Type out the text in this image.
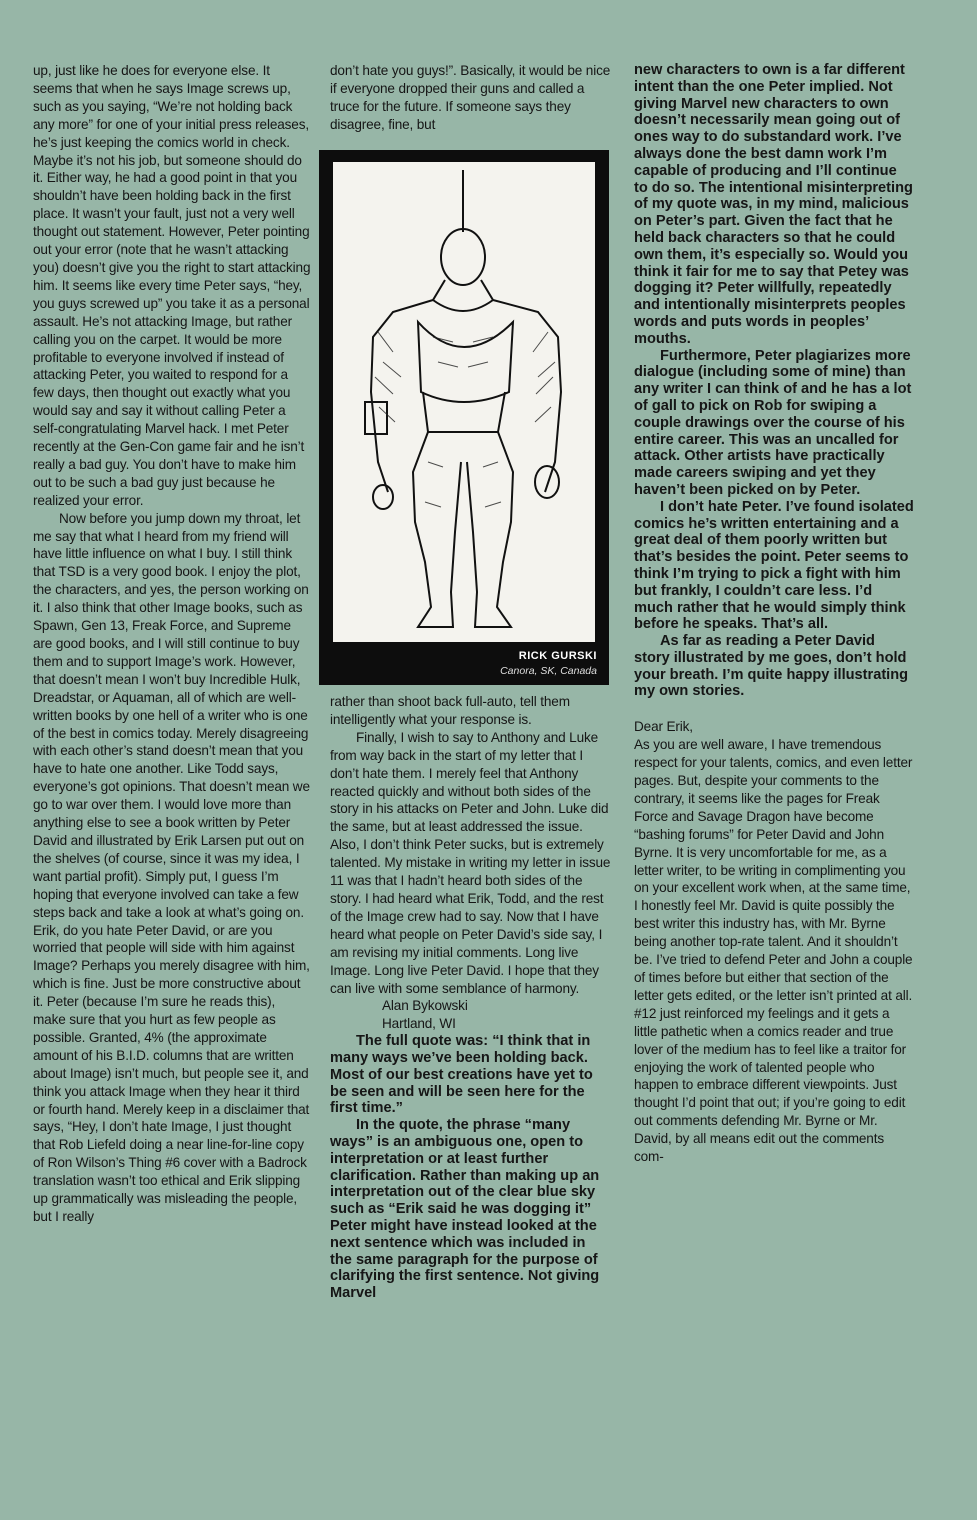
up, just like he does for everyone else. It seems that when he says Image screws up, such as you saying, “We’re not holding back any more” for one of your initial press releases, he’s just keeping the comics world in check. Maybe it’s not his job, but someone should do it. Either way, he had a good point in that you shouldn’t have been holding back in the first place. It wasn’t your fault, just not a very well thought out statement. However, Peter pointing out your error (note that he wasn’t attacking you) doesn’t give you the right to start attacking him. It seems like every time Peter says, “hey, you guys screwed up” you take it as a personal assault. He’s not attacking Image, but rather calling you on the carpet. It would be more profitable to everyone involved if instead of attacking Peter, you waited to respond for a few days, then thought out exactly what you would say and say it without calling Peter a self-congratulating Marvel hack. I met Peter recently at the Gen-Con game fair and he isn’t really a bad guy. You don’t have to make him out to be such a bad guy just because he realized your error.

Now before you jump down my throat, let me say that what I heard from my friend will have little influence on what I buy. I still think that TSD is a very good book. I enjoy the plot, the characters, and yes, the person working on it. I also think that other Image books, such as Spawn, Gen 13, Freak Force, and Supreme are good books, and I will still continue to buy them and to support Image’s work. However, that doesn’t mean I won’t buy Incredible Hulk, Dreadstar, or Aquaman, all of which are well-written books by one hell of a writer who is one of the best in comics today. Merely disagreeing with each other’s stand doesn’t mean that you have to hate one another. Like Todd says, everyone’s got opinions. That doesn’t mean we go to war over them. I would love more than anything else to see a book written by Peter David and illustrated by Erik Larsen put out on the shelves (of course, since it was my idea, I want partial profit). Simply put, I guess I’m hoping that everyone involved can take a few steps back and take a look at what’s going on. Erik, do you hate Peter David, or are you worried that people will side with him against Image? Perhaps you merely disagree with him, which is fine. Just be more constructive about it. Peter (because I’m sure he reads this), make sure that you hurt as few people as possible. Granted, 4% (the approximate amount of his B.I.D. columns that are written about Image) isn’t much, but people see it, and think you attack Image when they hear it third or fourth hand. Merely keep in a disclaimer that says, “Hey, I don’t hate Image, I just thought that Rob Liefeld doing a near line-for-line copy of Ron Wilson’s Thing #6 cover with a Badrock translation wasn’t too ethical and Erik slipping up grammatically was misleading the people, but I really

don’t hate you guys!”. Basically, it would be nice if everyone dropped their guns and called a truce for the future. If someone says they disagree, fine, but

RICK GURSKI
Canora, SK, Canada

rather than shoot back full-auto, tell them intelligently what your response is.

Finally, I wish to say to Anthony and Luke from way back in the start of my letter that I don’t hate them. I merely feel that Anthony reacted quickly and without both sides of the story in his attacks on Peter and John. Luke did the same, but at least addressed the issue. Also, I don’t think Peter sucks, but is extremely talented. My mistake in writing my letter in issue 11 was that I hadn’t heard both sides of the story. I had heard what Erik, Todd, and the rest of the Image crew had to say. Now that I have heard what people on Peter David’s side say, I am revising my initial comments. Long live Image. Long live Peter David. I hope that they can live with some semblance of harmony.

Alan Bykowski

Hartland, WI

The full quote was: “I think that in many ways we’ve been holding back. Most of our best creations have yet to be seen and will be seen here for the first time.”

In the quote, the phrase “many ways” is an ambiguous one, open to interpretation or at least further clarification. Rather than making up an interpretation out of the clear blue sky such as “Erik said he was dogging it” Peter might have instead looked at the next sentence which was included in the same paragraph for the purpose of clarifying the first sentence. Not giving Marvel

new characters to own is a far different intent than the one Peter implied. Not giving Marvel new characters to own doesn’t necessarily mean going out of ones way to do substandard work. I’ve always done the best damn work I’m capable of producing and I’ll continue to do so. The intentional misinterpreting of my quote was, in my mind, malicious on Peter’s part. Given the fact that he held back characters so that he could own them, it’s especially so. Would you think it fair for me to say that Petey was dogging it? Peter willfully, repeatedly and intentionally misinterprets peoples words and puts words in peoples’ mouths.

Furthermore, Peter plagiarizes more dialogue (including some of mine) than any writer I can think of and he has a lot of gall to pick on Rob for swiping a couple drawings over the course of his entire career. This was an uncalled for attack. Other artists have practically made careers swiping and yet they haven’t been picked on by Peter.

I don’t hate Peter. I’ve found isolated comics he’s written entertaining and a great deal of them poorly written but that’s besides the point. Peter seems to think I’m trying to pick a fight with him but frankly, I couldn’t care less. I’d much rather that he would simply think before he speaks. That’s all.

As far as reading a Peter David story illustrated by me goes, don’t hold your breath. I’m quite happy illustrating my own stories.

Dear Erik,

As you are well aware, I have tremendous respect for your talents, comics, and even letter pages. But, despite your comments to the contrary, it seems like the pages for Freak Force and Savage Dragon have become “bashing forums” for Peter David and John Byrne. It is very uncomfortable for me, as a letter writer, to be writing in complimenting you on your excellent work when, at the same time, I honestly feel Mr. David is quite possibly the best writer this industry has, with Mr. Byrne being another top-rate talent. And it shouldn’t be. I’ve tried to defend Peter and John a couple of times before but either that section of the letter gets edited, or the letter isn’t printed at all. #12 just reinforced my feelings and it gets a little pathetic when a comics reader and true lover of the medium has to feel like a traitor for enjoying the work of talented people who happen to embrace different viewpoints. Just thought I’d point that out; if you’re going to edit out comments defending Mr. Byrne or Mr. David, by all means edit out the comments com-
